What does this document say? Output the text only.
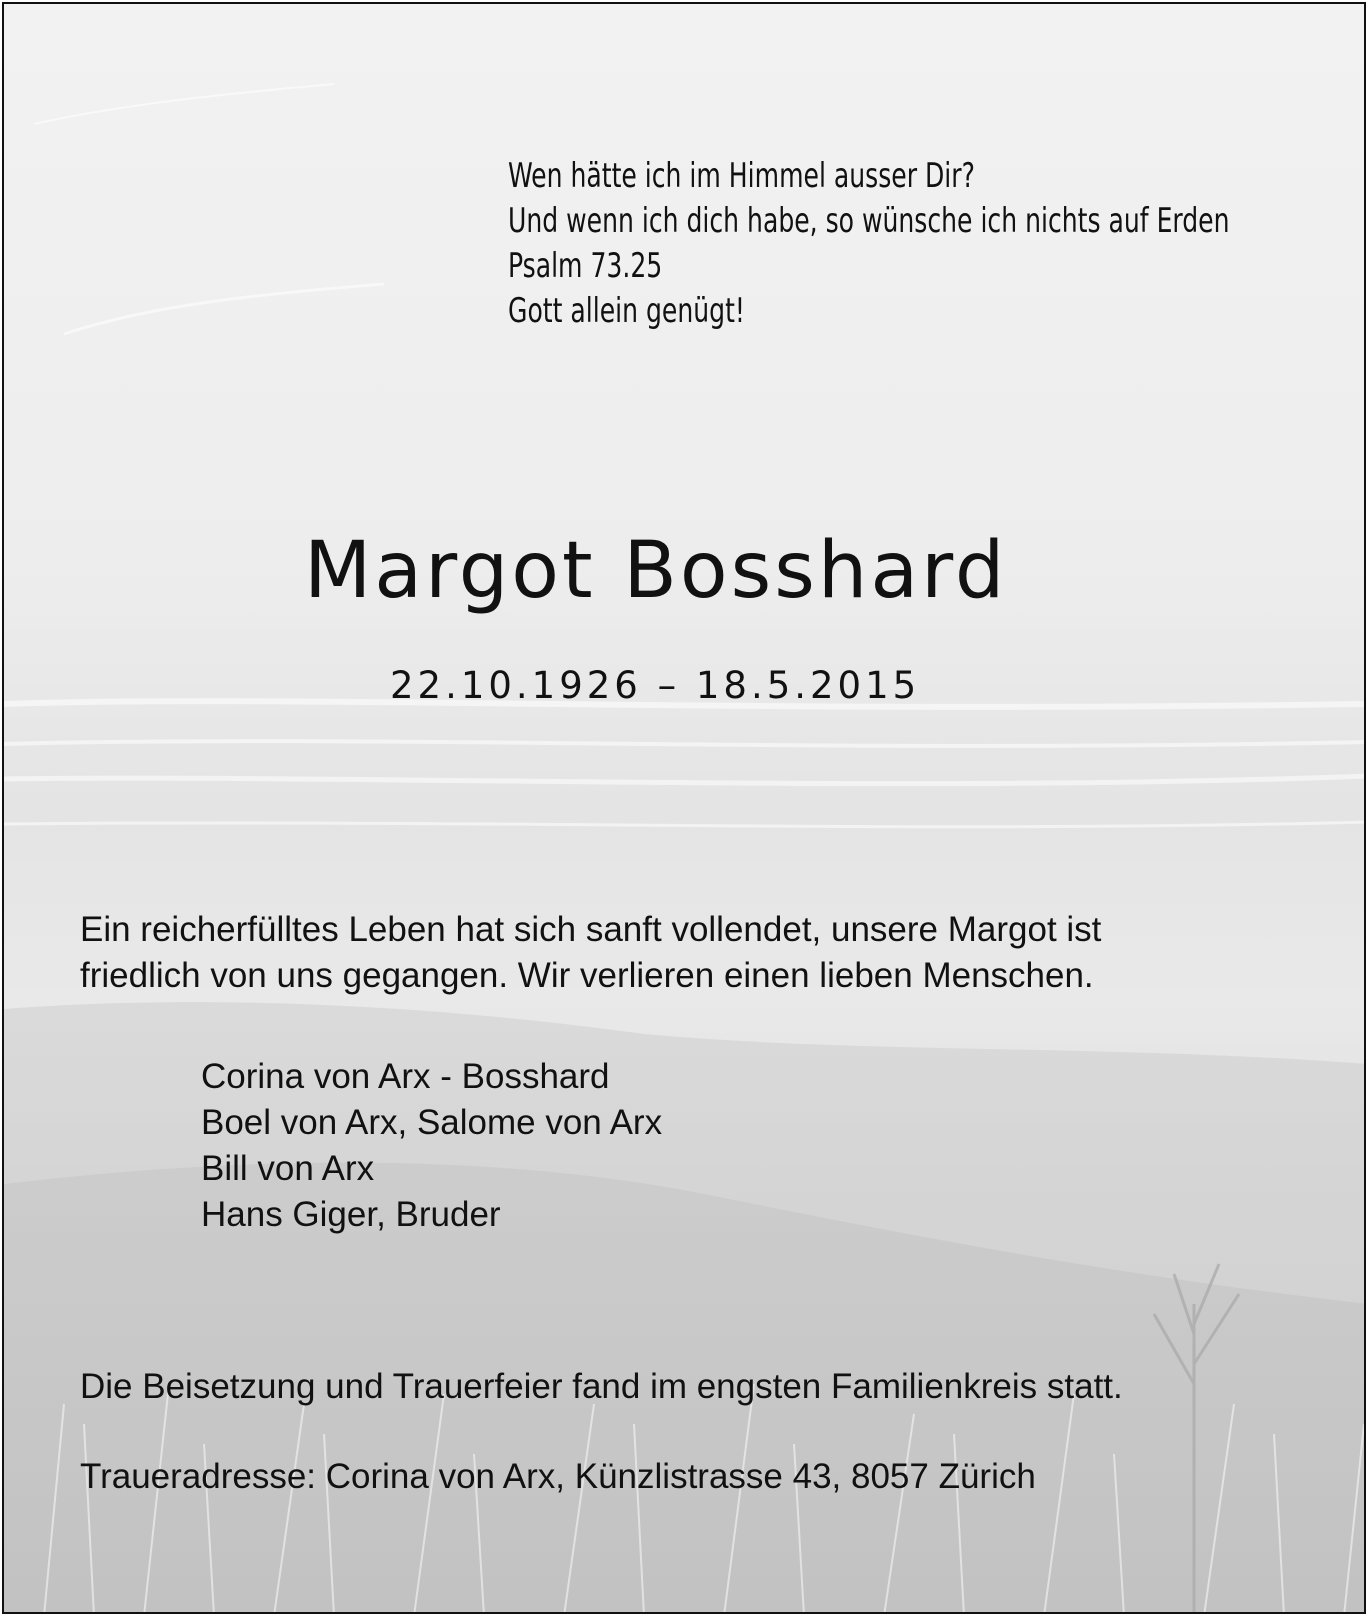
Wen hätte ich im Himmel ausser Dir?
Und wenn ich dich habe, so wünsche ich nichts auf Erden
Psalm 73.25
Gott allein genügt!
Margot Bosshard
22.10.1926 – 18.5.2015
Ein reicherfülltes Leben hat sich sanft vollendet, unsere Margot ist
friedlich von uns gegangen. Wir verlieren einen lieben Menschen.
Corina von Arx - Bosshard
Boel von Arx, Salome von Arx
Bill von Arx
Hans Giger, Bruder
Die Beisetzung und Trauerfeier fand im engsten Familienkreis statt.
Traueradresse: Corina von Arx, Künzlistrasse 43, 8057 Zürich
